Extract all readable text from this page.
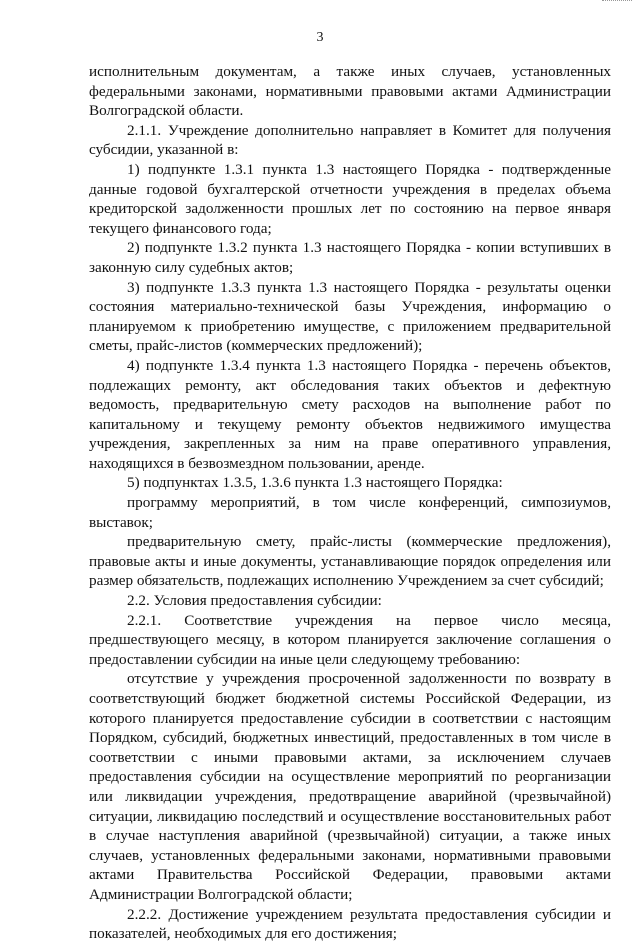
3

исполнительным документам, а также иных случаев, установленных федеральными законами, нормативными правовыми актами Администрации Волгоградской области.

2.1.1. Учреждение дополнительно направляет в Комитет для получения субсидии, указанной в:

1) подпункте 1.3.1 пункта 1.3 настоящего Порядка - подтвержденные данные годовой бухгалтерской отчетности учреждения в пределах объема кредиторской задолженности прошлых лет по состоянию на первое января текущего финансового года;

2) подпункте 1.3.2 пункта 1.3 настоящего Порядка - копии вступивших в законную силу судебных актов;

3) подпункте 1.3.3 пункта 1.3 настоящего Порядка - результаты оценки состояния материально-технической базы Учреждения, информацию о планируемом к приобретению имуществе, с приложением предварительной сметы, прайс-листов (коммерческих предложений);

4) подпункте 1.3.4 пункта 1.3 настоящего Порядка - перечень объектов, подлежащих ремонту, акт обследования таких объектов и дефектную ведомость, предварительную смету расходов на выполнение работ по капитальному и текущему ремонту объектов недвижимого имущества учреждения, закрепленных за ним на праве оперативного управления, находящихся в безвозмездном пользовании, аренде.

5) подпунктах 1.3.5, 1.3.6 пункта 1.3 настоящего Порядка:

программу мероприятий, в том числе конференций, симпозиумов, выставок;

предварительную смету, прайс-листы (коммерческие предложения), правовые акты и иные документы, устанавливающие порядок определения или размер обязательств, подлежащих исполнению Учреждением за счет субсидий;

2.2. Условия предоставления субсидии:

2.2.1. Соответствие учреждения на первое число месяца, предшествующего месяцу, в котором планируется заключение соглашения о предоставлении субсидии на иные цели следующему требованию:

отсутствие у учреждения просроченной задолженности по возврату в соответствующий бюджет бюджетной системы Российской Федерации, из которого планируется предоставление субсидии в соответствии с настоящим Порядком, субсидий, бюджетных инвестиций, предоставленных в том числе в соответствии с иными правовыми актами, за исключением случаев предоставления субсидии на осуществление мероприятий по реорганизации или ликвидации учреждения, предотвращение аварийной (чрезвычайной) ситуации, ликвидацию последствий и осуществление восстановительных работ в случае наступления аварийной (чрезвычайной) ситуации, а также иных случаев, установленных федеральными законами, нормативными правовыми актами Правительства Российской Федерации, правовыми актами Администрации Волгоградской области;

2.2.2. Достижение учреждением результата предоставления субсидии и показателей, необходимых для его достижения;
